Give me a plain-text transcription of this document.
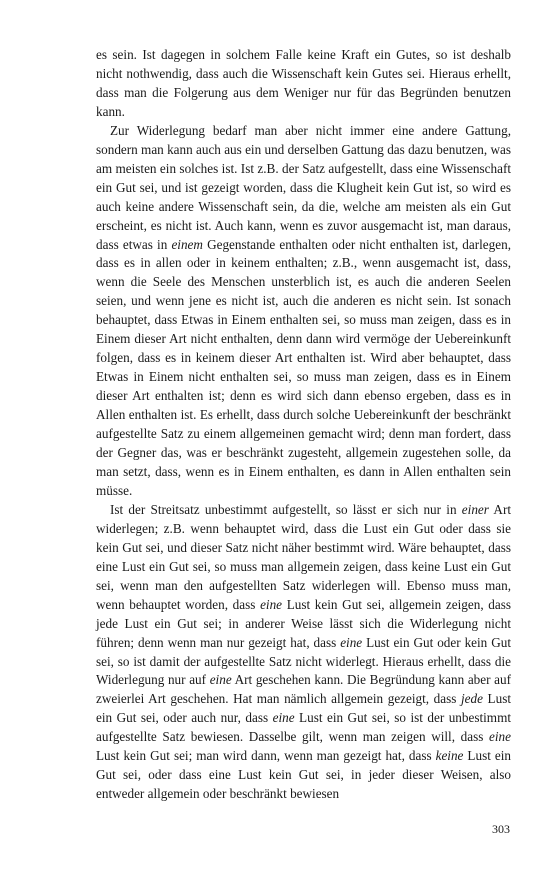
es sein. Ist dagegen in solchem Falle keine Kraft ein Gutes, so ist deshalb nicht nothwendig, dass auch die Wissenschaft kein Gutes sei. Hieraus erhellt, dass man die Folgerung aus dem Weniger nur für das Begründen benutzen kann.

Zur Widerlegung bedarf man aber nicht immer eine andere Gattung, sondern man kann auch aus ein und derselben Gattung das dazu benutzen, was am meisten ein solches ist. Ist z.B. der Satz aufgestellt, dass eine Wissenschaft ein Gut sei, und ist gezeigt worden, dass die Klugheit kein Gut ist, so wird es auch keine andere Wissenschaft sein, da die, welche am meisten als ein Gut erscheint, es nicht ist. Auch kann, wenn es zuvor ausgemacht ist, man daraus, dass etwas in einem Gegenstande enthalten oder nicht enthalten ist, darlegen, dass es in allen oder in keinem enthalten; z.B., wenn ausgemacht ist, dass, wenn die Seele des Menschen unsterblich ist, es auch die anderen Seelen seien, und wenn jene es nicht ist, auch die anderen es nicht sein. Ist sonach behauptet, dass Etwas in Einem enthalten sei, so muss man zeigen, dass es in Einem dieser Art nicht enthalten, denn dann wird vermöge der Uebereinkunft folgen, dass es in keinem dieser Art enthalten ist. Wird aber behauptet, dass Etwas in Einem nicht enthalten sei, so muss man zeigen, dass es in Einem dieser Art enthalten ist; denn es wird sich dann ebenso ergeben, dass es in Allen enthalten ist. Es erhellt, dass durch solche Uebereinkunft der beschränkt aufgestellte Satz zu einem allgemeinen gemacht wird; denn man fordert, dass der Gegner das, was er beschränkt zugesteht, allgemein zugestehen solle, da man setzt, dass, wenn es in Einem enthalten, es dann in Allen enthalten sein müsse.

Ist der Streitsatz unbestimmt aufgestellt, so lässt er sich nur in einer Art widerlegen; z.B. wenn behauptet wird, dass die Lust ein Gut oder dass sie kein Gut sei, und dieser Satz nicht näher bestimmt wird. Wäre behauptet, dass eine Lust ein Gut sei, so muss man allgemein zeigen, dass keine Lust ein Gut sei, wenn man den aufgestellten Satz widerlegen will. Ebenso muss man, wenn behauptet worden, dass eine Lust kein Gut sei, allgemein zeigen, dass jede Lust ein Gut sei; in anderer Weise lässt sich die Widerlegung nicht führen; denn wenn man nur gezeigt hat, dass eine Lust ein Gut oder kein Gut sei, so ist damit der aufgestellte Satz nicht widerlegt. Hieraus erhellt, dass die Widerlegung nur auf eine Art geschehen kann. Die Begründung kann aber auf zweierlei Art geschehen. Hat man nämlich allgemein gezeigt, dass jede Lust ein Gut sei, oder auch nur, dass eine Lust ein Gut sei, so ist der unbestimmt aufgestellte Satz bewiesen. Dasselbe gilt, wenn man zeigen will, dass eine Lust kein Gut sei; man wird dann, wenn man gezeigt hat, dass keine Lust ein Gut sei, oder dass eine Lust kein Gut sei, in jeder dieser Weisen, also entweder allgemein oder beschränkt bewiesen

303
